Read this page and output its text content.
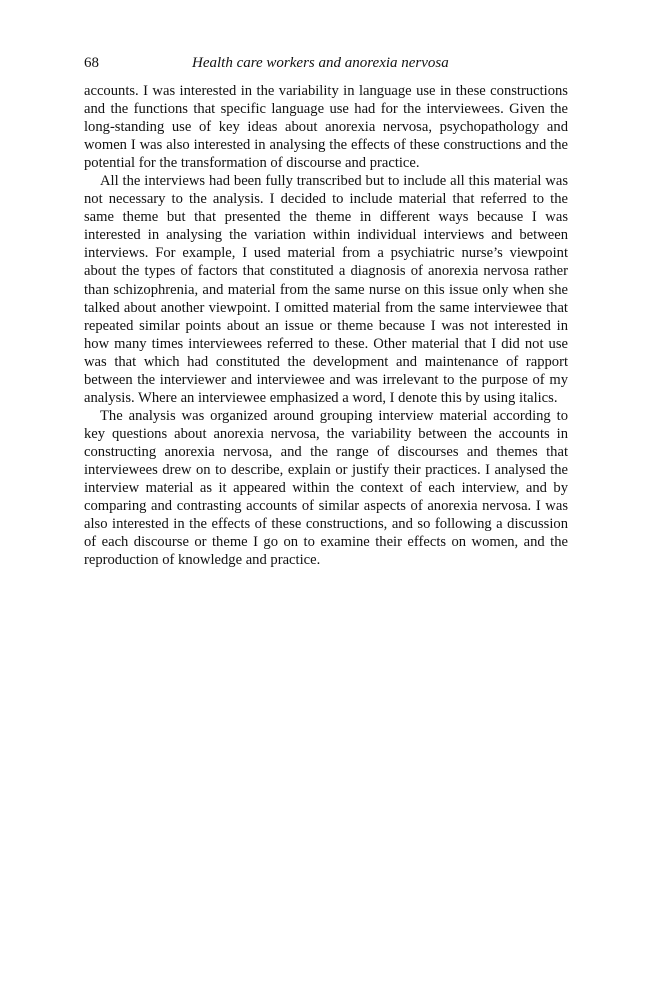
68	Health care workers and anorexia nervosa

accounts. I was interested in the variability in language use in these constructions and the functions that specific language use had for the interviewees. Given the long-standing use of key ideas about anorexia nervosa, psychopathology and women I was also interested in analysing the effects of these constructions and the potential for the transformation of discourse and practice.

All the interviews had been fully transcribed but to include all this material was not necessary to the analysis. I decided to include material that referred to the same theme but that presented the theme in different ways because I was interested in analysing the variation within individual interviews and between interviews. For example, I used material from a psychiatric nurse’s viewpoint about the types of factors that constituted a diagnosis of anorexia nervosa rather than schizophrenia, and material from the same nurse on this issue only when she talked about another viewpoint. I omitted material from the same interviewee that repeated similar points about an issue or theme because I was not interested in how many times interviewees referred to these. Other material that I did not use was that which had constituted the development and maintenance of rapport between the interviewer and interviewee and was irrelevant to the purpose of my analysis. Where an interviewee emphasized a word, I denote this by using italics.

The analysis was organized around grouping interview material according to key questions about anorexia nervosa, the variability between the accounts in constructing anorexia nervosa, and the range of discourses and themes that interviewees drew on to describe, explain or justify their practices. I analysed the interview material as it appeared within the context of each interview, and by comparing and contrasting accounts of similar aspects of anorexia nervosa. I was also interested in the effects of these constructions, and so following a discussion of each discourse or theme I go on to examine their effects on women, and the reproduction of knowledge and practice.
